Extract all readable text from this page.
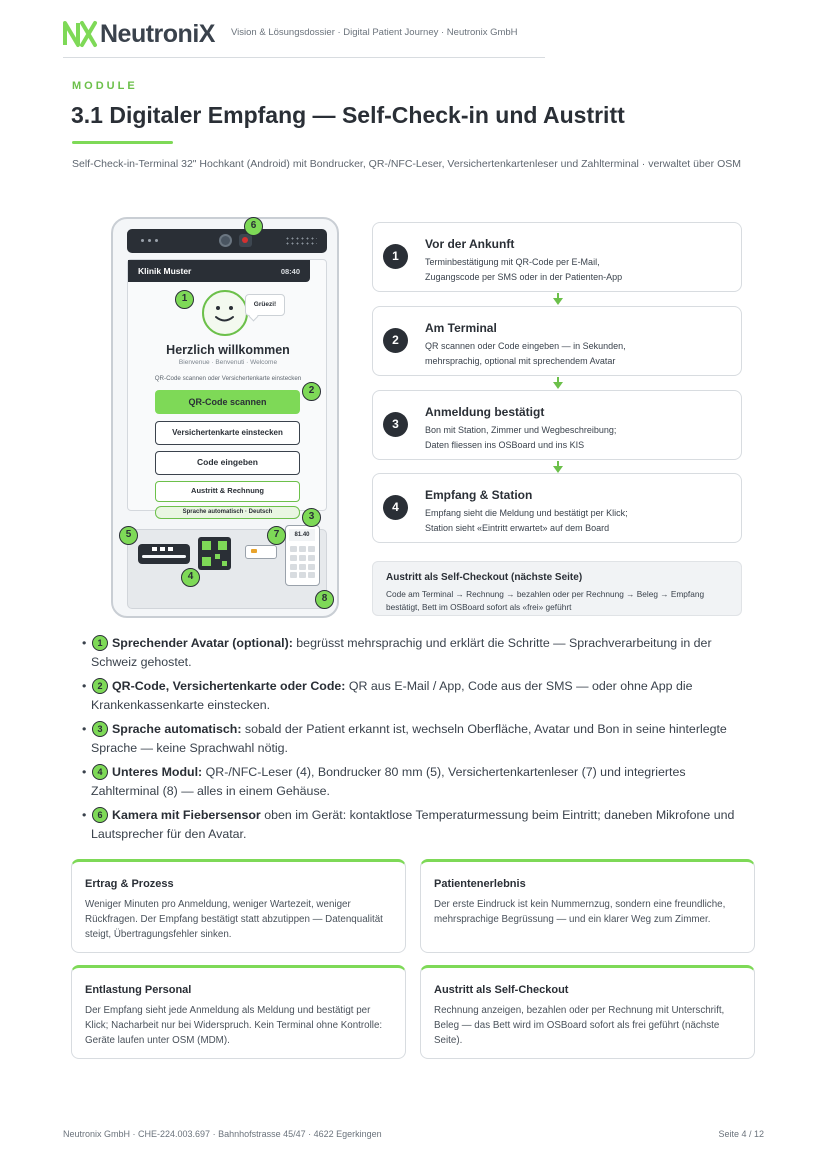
NeutroniX Vision & Lösungsdossier · Digital Patient Journey · Neutronix GmbH
MODULE
3.1 Digitaler Empfang — Self-Check-in und Austritt

Self-Check-in-Terminal 32" Hochkant (Android) mit Bondrucker, QR-/NFC-Leser, Versichertenkartenleser und Zahlterminal · verwaltet über OSM

Klinik Muster	08:40
Grüezi!
Herzlich willkommen
Bienvenue · Benvenuti · Welcome
QR-Code scannen oder Versichertenkarte einstecken
QR-Code scannen
Versichertenkarte einstecken
Code eingeben
Austritt & Rechnung
Sprache automatisch · Deutsch
81.40
1
2
3
4
5
6
7
8
1
Vor der Ankunft
Terminbestätigung mit QR-Code per E-Mail,
Zugangscode per SMS oder in der Patienten-App
2
Am Terminal
QR scannen oder Code eingeben — in Sekunden,
mehrsprachig, optional mit sprechendem Avatar
3
Anmeldung bestätigt
Bon mit Station, Zimmer und Wegbeschreibung;
Daten fliessen ins OSBoard und ins KIS
4
Empfang & Station
Empfang sieht die Meldung und bestätigt per Klick;
Station sieht «Eintritt erwartet» auf dem Board
Austritt als Self-Checkout (nächste Seite)
Code am Terminal → Rechnung → bezahlen oder per Rechnung → Beleg → Empfang bestätigt, Bett im OSBoard sofort als «frei» geführt
• 1 Sprechender Avatar (optional): begrüsst mehrsprachig und erklärt die Schritte — Sprachverarbeitung in der Schweiz gehostet.
• 2 QR-Code, Versichertenkarte oder Code: QR aus E-Mail / App, Code aus der SMS — oder ohne App die Krankenkassenkarte einstecken.
• 3 Sprache automatisch: sobald der Patient erkannt ist, wechseln Oberfläche, Avatar und Bon in seine hinterlegte Sprache — keine Sprachwahl nötig.
• 4 Unteres Modul: QR-/NFC-Leser (4), Bondrucker 80 mm (5), Versichertenkartenleser (7) und integriertes Zahlterminal (8) — alles in einem Gehäuse.
• 6 Kamera mit Fiebersensor oben im Gerät: kontaktlose Temperaturmessung beim Eintritt; daneben Mikrofone und Lautsprecher für den Avatar.
Ertrag & Prozess
Weniger Minuten pro Anmeldung, weniger Wartezeit, weniger Rückfragen. Der Empfang bestätigt statt abzutippen — Datenqualität steigt, Übertragungsfehler sinken.
Patientenerlebnis
Der erste Eindruck ist kein Nummernzug, sondern eine freundliche, mehrsprachige Begrüssung — und ein klarer Weg zum Zimmer.
Entlastung Personal
Der Empfang sieht jede Anmeldung als Meldung und bestätigt per Klick; Nacharbeit nur bei Widerspruch. Kein Terminal ohne Kontrolle: Geräte laufen unter OSM (MDM).
Austritt als Self-Checkout
Rechnung anzeigen, bezahlen oder per Rechnung mit Unterschrift, Beleg — das Bett wird im OSBoard sofort als frei geführt (nächste Seite).
Neutronix GmbH · CHE-224.003.697 · Bahnhofstrasse 45/47 · 4622 Egerkingen	Seite 4 / 12
